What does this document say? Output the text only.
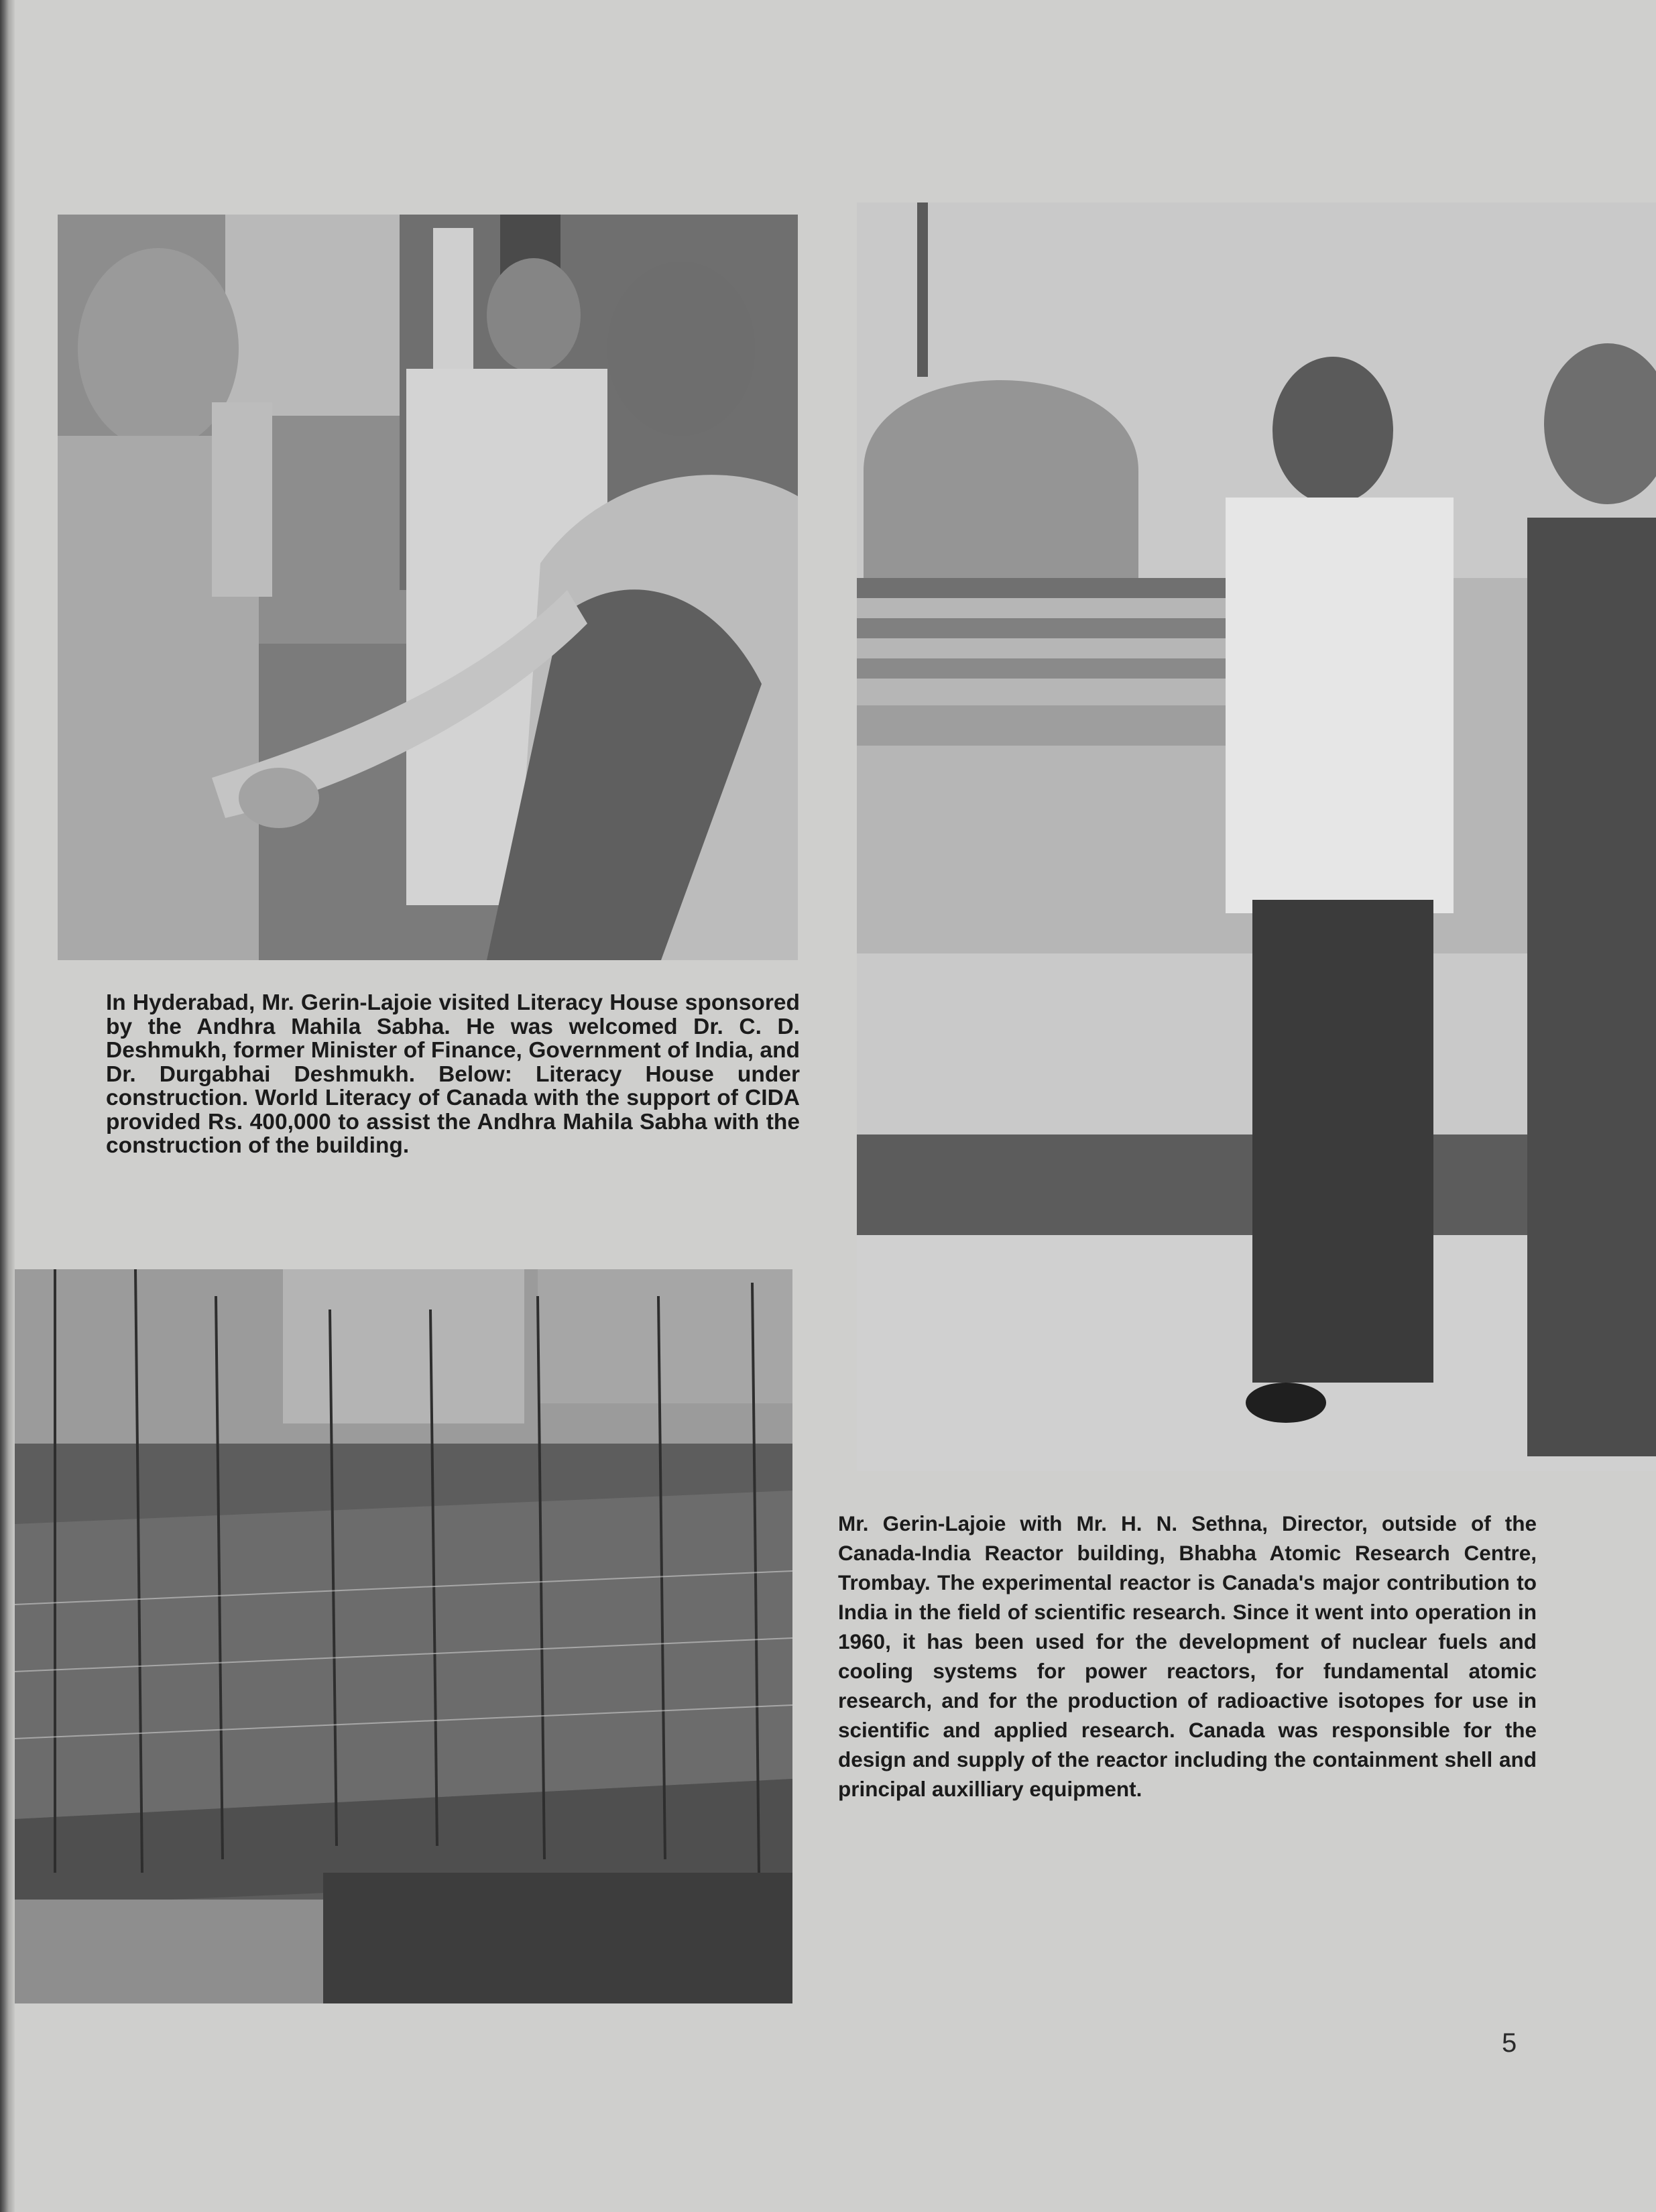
In Hyderabad, Mr. Gerin-Lajoie visited Literacy House sponsored by the Andhra Mahila Sabha. He was welcomed Dr. C. D. Deshmukh, former Minister of Finance, Government of India, and Dr. Durgabhai Deshmukh. Below: Literacy House under construction. World Literacy of Canada with the support of CIDA provided Rs. 400,000 to assist the Andhra Mahila Sabha with the construction of the building.

Mr. Gerin-Lajoie with Mr. H. N. Sethna, Director, outside of the Canada-India Reactor building, Bhabha Atomic Research Centre, Trombay. The experimental reactor is Canada's major contribution to India in the field of scientific research. Since it went into operation in 1960, it has been used for the development of nuclear fuels and cooling systems for power reactors, for fundamental atomic research, and for the production of radioactive isotopes for use in scientific and applied research. Canada was responsible for the design and supply of the reactor including the containment shell and principal auxilliary equipment.

5
